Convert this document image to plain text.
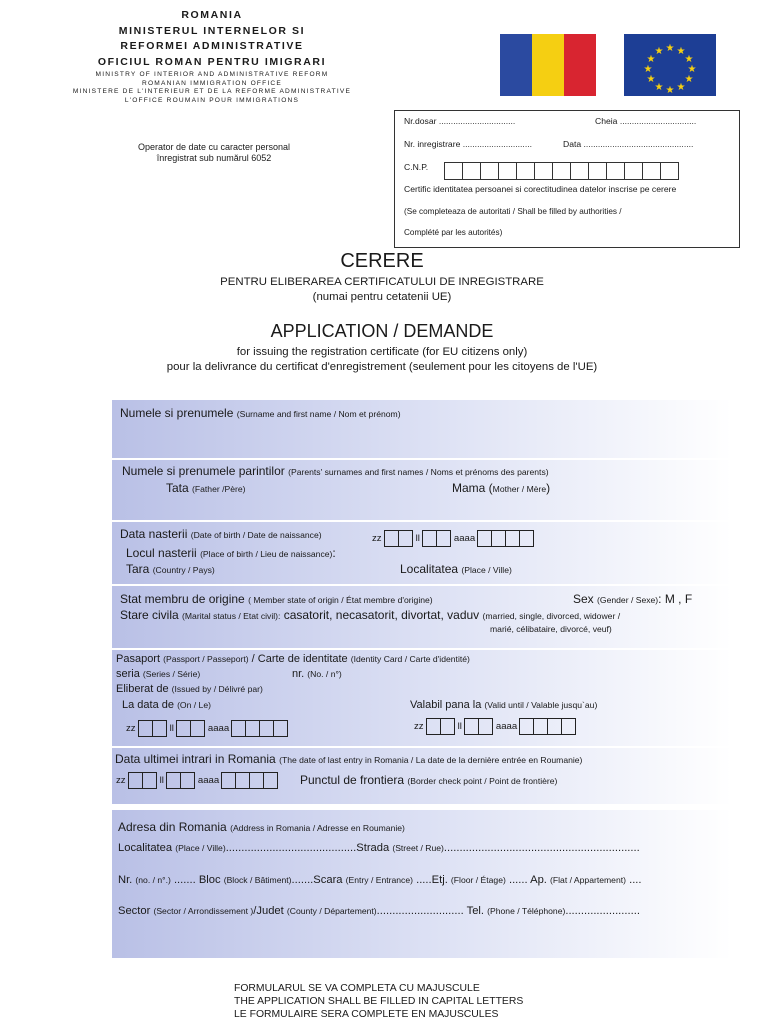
ROMANIA
MINISTERUL INTERNELOR SI
REFORMEI ADMINISTRATIVE
OFICIUL ROMAN PENTRU IMIGRARI
MINISTRY OF INTERIOR AND ADMINISTRATIVE REFORM
ROMANIAN IMMIGRATION OFFICE
MINISTERE DE L'INTERIEUR ET DE LA REFORME ADMINISTRATIVE
L'OFFICE ROUMAIN POUR IMMIGRATIONS
Operator de date cu caracter personal
înregistrat sub numărul 6052
★ ★
★
★
★
★
★
★
★
★
★
★
Nr.dosar ................................	Cheia ................................
Nr. inregistrare .............................	Data ..............................................
C.N.P.
Certific identitatea persoanei si corectitudinea datelor inscrise pe cerere
(Se completeaza de autoritati / Shall be filled by authorities /
Complété par les autorités)
CERERE
PENTRU ELIBERAREA CERTIFICATULUI DE INREGISTRARE
(numai pentru cetatenii UE)
APPLICATION / DEMANDE
for issuing the registration certificate (for EU citizens only)
pour la delivrance du certificat d'enregistrement (seulement pour les citoyens de l'UE)
Numele si prenumele (Surname and first name / Nom et prénom)
Numele si prenumele parintilor (Parents' surnames and first names / Noms et prénoms des parents)
Tata (Father /Père)	Mama (Mother / Mère)
Data nasterii (Date of birth / Date de naissance)	zz	ll	aaaa
Locul nasterii (Place of birth / Lieu de naissance):
Tara (Country / Pays)	Localitatea (Place / Ville)
Stat membru de origine ( Member state of origin / État membre d'origine)	Sex (Gender / Sexe): M , F
Stare civila (Marital status / Etat civil): casatorit, necasatorit, divortat, vaduv (married, single, divorced, widower /
marié, célibataire, divorcé, veuf)
Pasaport (Passport / Passeport) / Carte de identitate (Identity Card / Carte d'identité)
seria (Series / Série)	nr. (No. / n°)
Eliberat de (Issued by / Délivré par)
La data de (On / Le)	Valabil pana la (Valid until / Valable jusqu`au)
zz	ll	aaaa	zz	ll	aaaa
Data ultimei intrari in Romania (The date of last entry in Romania / La date de la dernière entrée en Roumanie)
zz	ll	aaaa	Punctul de frontiera (Border check point / Point de frontière)
Adresa din Romania (Address in Romania / Adresse en Roumanie)
Localitatea (Place / Ville)..........................................Strada (Street / Rue)...............................................................
Nr. (no. / n°.) ....... Bloc (Block / Bâtiment).......Scara (Entry / Entrance) .....Etj. (Floor / Étage) ...... Ap. (Flat / Appartement) ....
Sector (Sector / Arrondissement )/Judet (County / Département)............................ Tel. (Phone / Téléphone)........................
FORMULARUL SE VA COMPLETA CU MAJUSCULE
THE APPLICATION SHALL BE FILLED IN CAPITAL LETTERS
LE FORMULAIRE SERA COMPLETE EN MAJUSCULES
